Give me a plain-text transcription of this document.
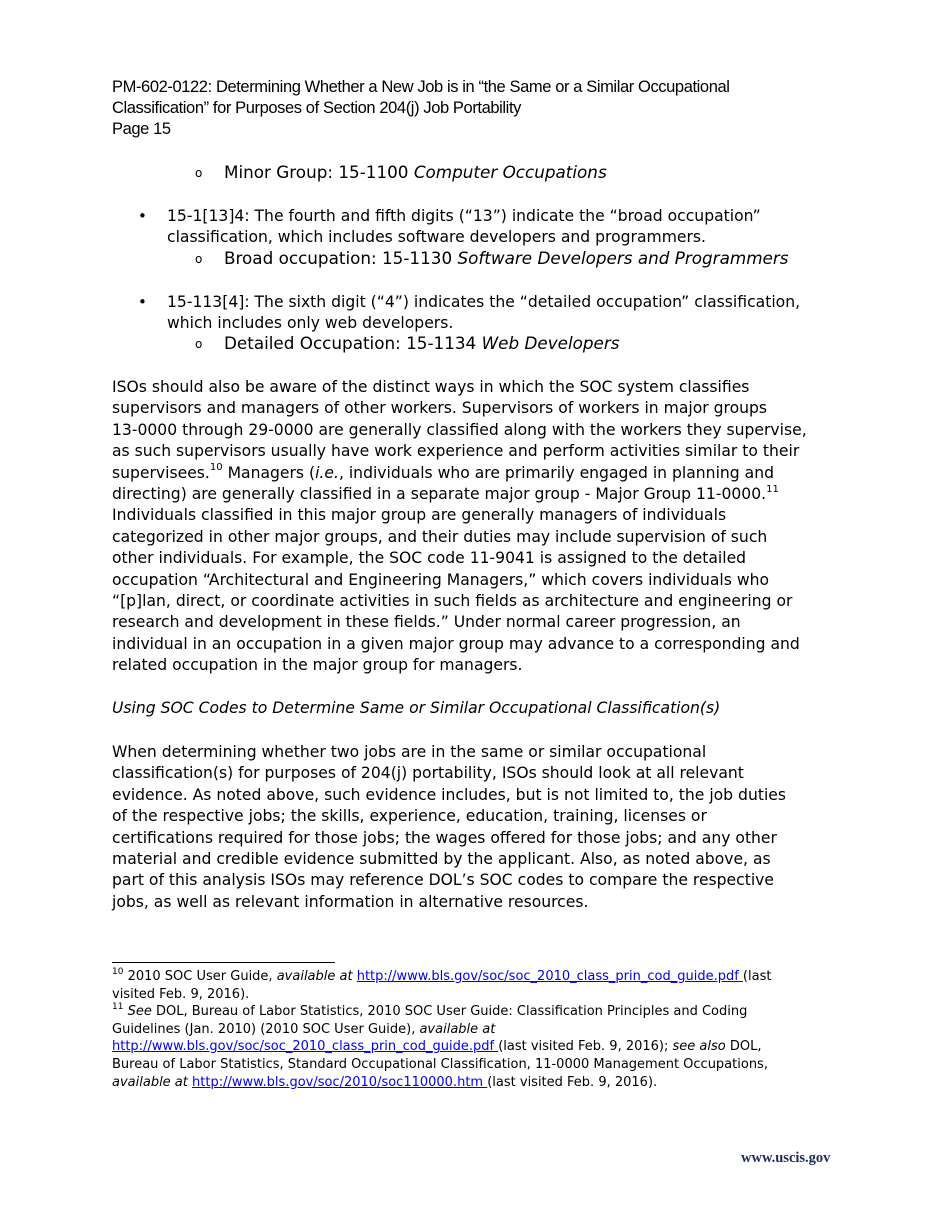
PM-602-0122: Determining Whether a New Job is in “the Same or a Similar Occupational
Classification” for Purposes of Section 204(j) Job Portability
Page 15
o Minor Group: 15-1100 Computer Occupations
• 15-1[13]4: The fourth and fifth digits (“13”) indicate the “broad occupation”
classification, which includes software developers and programmers.
o Broad occupation: 15-1130 Software Developers and Programmers
• 15-113[4]: The sixth digit (“4”) indicates the “detailed occupation” classification,
which includes only web developers.
o Detailed Occupation: 15-1134 Web Developers
ISOs should also be aware of the distinct ways in which the SOC system classifies
supervisors and managers of other workers. Supervisors of workers in major groups
13-0000 through 29-0000 are generally classified along with the workers they supervise,
as such supervisors usually have work experience and perform activities similar to their
supervisees.$^{10}$ Managers (i.e., individuals who are primarily engaged in planning and
directing) are generally classified in a separate major group - Major Group 11-0000.11
Individuals classified in this major group are generally managers of individuals
categorized in other major groups, and their duties may include supervision of such
other individuals. For example, the SOC code 11-9041 is assigned to the detailed
occupation “Architectural and Engineering Managers,” which covers individuals who
“[p]lan, direct, or coordinate activities in such fields as architecture and engineering or
research and development in these fields.” Under normal career progression, an
individual in an occupation in a given major group may advance to a corresponding and
related occupation in the major group for managers.
Using SOC Codes to Determine Same or Similar Occupational Classification(s)
When determining whether two jobs are in the same or similar occupational
classification(s) for purposes of 204(j) portability, ISOs should look at all relevant
evidence. As noted above, such evidence includes, but is not limited to, the job duties
of the respective jobs; the skills, experience, education, training, licenses or
certifications required for those jobs; the wages offered for those jobs; and any other
material and credible evidence submitted by the applicant. Also, as noted above, as
part of this analysis ISOs may reference DOL’s SOC codes to compare the respective
jobs, as well as relevant information in alternative resources.
$^{10}$ 2010 SOC User Guide, available at http://www.bls.gov/soc/soc_2010_class_prin_cod_guide.pdf (last
visited Feb. 9, 2016).
$^{11}$ See DOL, Bureau of Labor Statistics, 2010 SOC User Guide: Classification Principles and Coding
Guidelines (Jan. 2010) (2010 SOC User Guide), available at
http://www.bls.gov/soc/soc_2010_class_prin_cod_guide.pdf (last visited Feb. 9, 2016); see also DOL,
Bureau of Labor Statistics, Standard Occupational Classification, 11-0000 Management Occupations,
available at http://www.bls.gov/soc/2010/soc110000.htm (last visited Feb. 9, 2016).
www.uscis.gov
